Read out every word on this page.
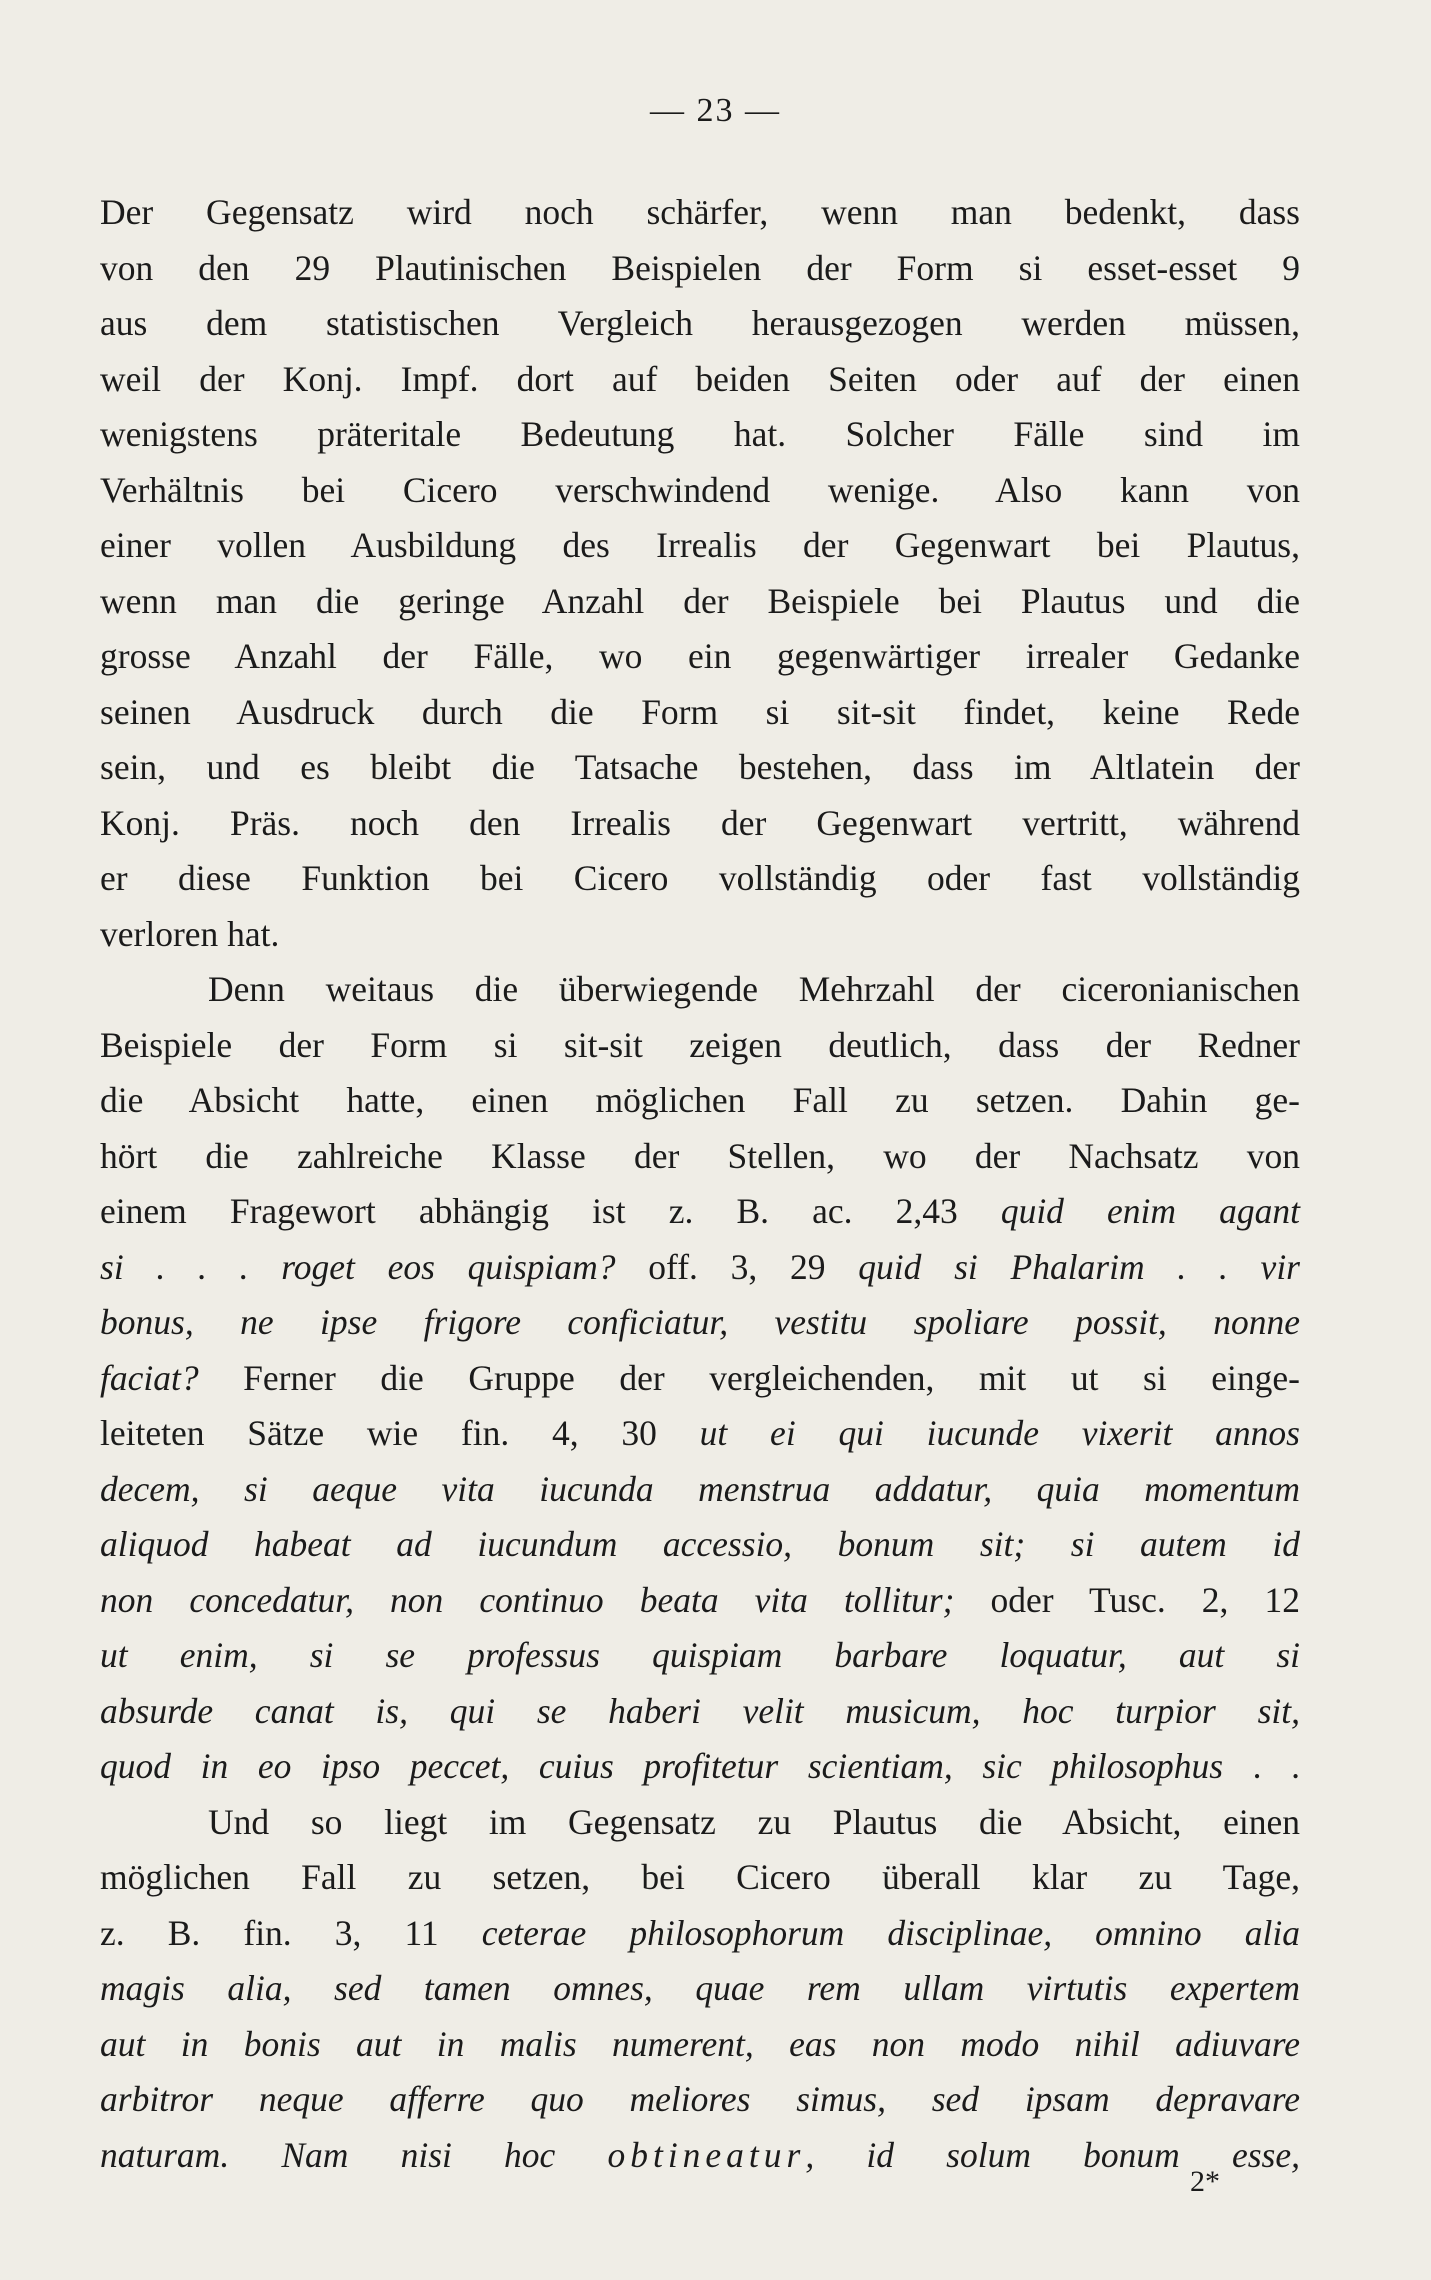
— 23 —
Der Gegensatz wird noch schärfer, wenn man bedenkt, dass
von den 29 Plautinischen Beispielen der Form si esset-esset 9
aus dem statistischen Vergleich herausgezogen werden müssen,
weil der Konj. Impf. dort auf beiden Seiten oder auf der einen
wenigstens präteritale Bedeutung hat. Solcher Fälle sind im
Verhältnis bei Cicero verschwindend wenige. Also kann von
einer vollen Ausbildung des Irrealis der Gegenwart bei Plautus,
wenn man die geringe Anzahl der Beispiele bei Plautus und die
grosse Anzahl der Fälle, wo ein gegenwärtiger irrealer Gedanke
seinen Ausdruck durch die Form si sit-sit findet, keine Rede
sein, und es bleibt die Tatsache bestehen, dass im Altlatein der
Konj. Präs. noch den Irrealis der Gegenwart vertritt, während
er diese Funktion bei Cicero vollständig oder fast vollständig
verloren hat.
Denn weitaus die überwiegende Mehrzahl der ciceronianischen
Beispiele der Form si sit-sit zeigen deutlich, dass der Redner
die Absicht hatte, einen möglichen Fall zu setzen. Dahin ge-
hört die zahlreiche Klasse der Stellen, wo der Nachsatz von
einem Fragewort abhängig ist z. B. ac. 2,43 quid enim agant
si . . . roget eos quispiam? off. 3, 29 quid si Phalarim . . vir
bonus, ne ipse frigore conficiatur, vestitu spoliare possit, nonne
faciat? Ferner die Gruppe der vergleichenden, mit ut si einge-
leiteten Sätze wie fin. 4, 30 ut ei qui iucunde vixerit annos
decem, si aeque vita iucunda menstrua addatur, quia momentum
aliquod habeat ad iucundum accessio, bonum sit; si autem id
non concedatur, non continuo beata vita tollitur; oder Tusc. 2, 12
ut enim, si se professus quispiam barbare loquatur, aut si
absurde canat is, qui se haberi velit musicum, hoc turpior sit,
quod in eo ipso peccet, cuius profitetur scientiam, sic philosophus . .
Und so liegt im Gegensatz zu Plautus die Absicht, einen
möglichen Fall zu setzen, bei Cicero überall klar zu Tage,
z. B. fin. 3, 11 ceterae philosophorum disciplinae, omnino alia
magis alia, sed tamen omnes, quae rem ullam virtutis expertem
aut in bonis aut in malis numerent, eas non modo nihil adiuvare
arbitror neque afferre quo meliores simus, sed ipsam depravare
naturam. Nam nisi hoc obtineatur, id solum bonum esse,
2*
